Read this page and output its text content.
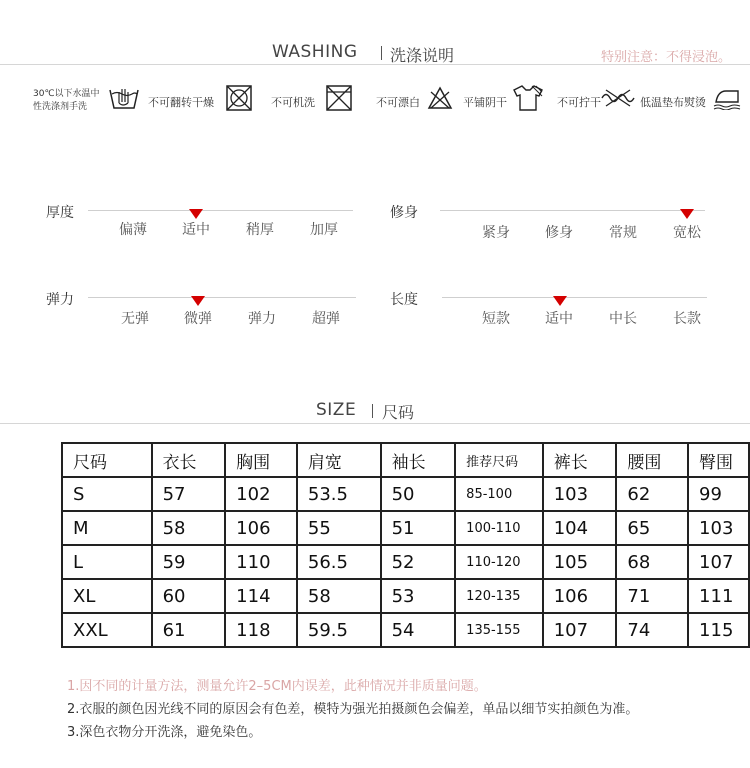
WASHING 洗涤说明	特别注意：不得浸泡。
30℃以下水温中
性洗涤剂手洗	不可翻转干燥	不可机洗	不可漂白	平铺阴干	不可拧干	低温垫布熨烫
厚度
偏薄	适中	稍厚	加厚
修身
紧身	修身	常规	宽松
弹力
无弹	微弹	弹力	超弹
长度
短款	适中	中长	长款
SIZE 尺码
尺码	衣长	胸围	肩宽	袖长	推荐尺码	裤长	腰围	臀围
S	57	102	53.5	50	85-100	103	62	99
M	58	106	55	51	100-110	104	65	103
L	59	110	56.5	52	110-120	105	68	107
XL	60	114	58	53	120-135	106	71	111
XXL	61	118	59.5	54	135-155	107	74	115
1.因不同的计量方法，测量允许2–5CM内误差，此种情况并非质量问题。
2.衣服的颜色因光线不同的原因会有色差，模特为强光拍摄颜色会偏差，单品以细节实拍颜色为准。
3.深色衣物分开洗涤，避免染色。
